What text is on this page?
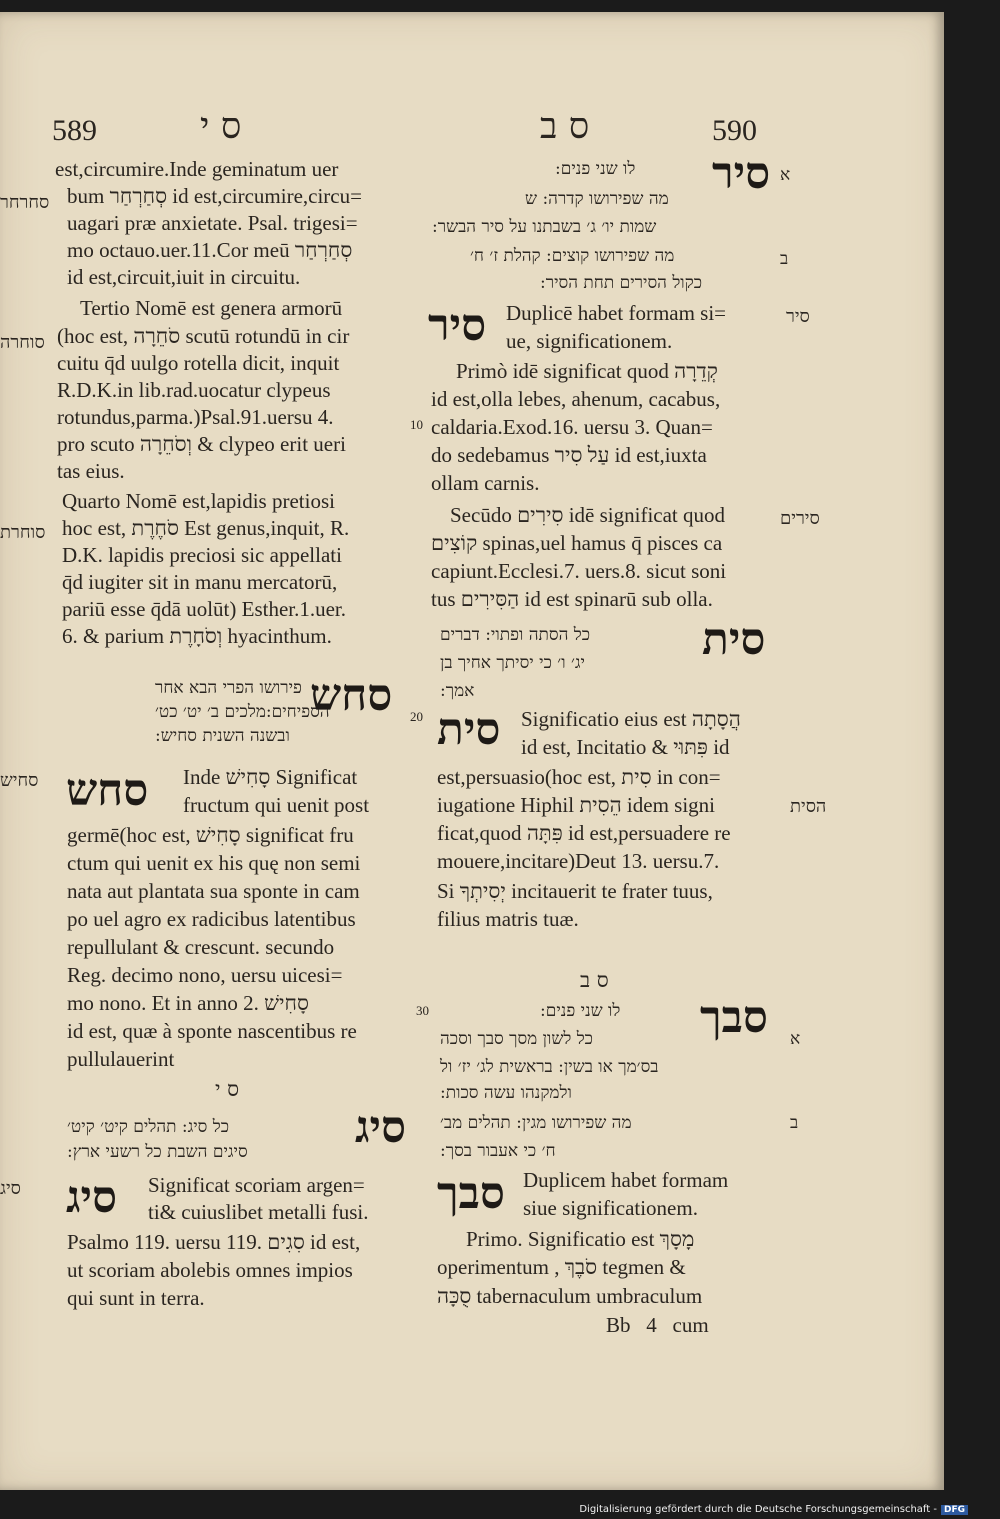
589	ס י	ס ב	590
est,circumire.Inde geminatum uer
bum סְחַרְחַר id est,circumire,circu=
uagari præ anxietate. Psal. trigesi=
mo octauo.uer.11.Cor meū סְחַרְחַר
id est,circuit,iuit in circuitu.
Tertio Nomē est genera armorū
(hoc est, סֹחֵרָה scutū rotundū in cir
cuitu q̄d uulgo rotella dicit, inquit
R.D.K.in lib.rad.uocatur clypeus
rotundus,parma.)Psal.91.uersu 4.
pro scuto וְסֹחֵרָה & clypeo erit ueri
tas eius.
Quarto Nomē est,lapidis pretiosi
hoc est, סֹחֶרֶת Est genus,inquit, R.
D.K. lapidis preciosi sic appellati
q̄d iugiter sit in manu mercatorū,
pariū esse q̄dā uolūt) Esther.1.uer.
6. & parium וְסֹחָרֶת hyacinthum.
פירושו הפרי הבא אחר
הספיחים:מלכים ב׳ יט׳ כט׳
ובשנה השנית סחיש:
סחש
סחש Inde סָחִישׁ Significat
fructum qui uenit post
germē(hoc est, סָחִישׁ significat fru
ctum qui uenit ex his quę non semi
nata aut plantata sua sponte in cam
po uel agro ex radicibus latentibus
repullulant & crescunt. secundo
Reg. decimo nono, uersu uicesi=
mo nono. Et in anno 2. סָחִישׁ
id est, quæ à sponte nascentibus re
pullulauerint
ס י
סיג
כל סיג: תהלים קיט׳ קיט׳
סיגים השבת כל רשעי ארץ:
סיג Significat scoriam argen=
ti& cuiuslibet metalli fusi.
Psalmo 119. uersu 119. סִגִים id est,
ut scoriam abolebis omnes impios
qui sunt in terra.
סיר
לו שני פנים:
מה שפירושו קדרה: ש
שמות יו׳ ג׳ בשבתנו על סיר הבשר:
מה שפירושו קוצים: קהלת ז׳ ח׳
כקול הסירים תחת הסיר:
סיר Duplicē habet formam si=
ue, significationem.
Primò idē significat quod קְדֵרָה
id est,olla lebes, ahenum, cacabus,
caldaria.Exod.16. uersu 3. Quan=
do sedebamus עַל סִיר id est,iuxta
ollam carnis.
Secūdo סִירִים idē significat quod
קוֹצִים spinas,uel hamus q̄ pisces ca
capiunt.Ecclesi.7. uers.8. sicut soni
tus הַסִּירִים id est spinarū sub olla.
סית
כל הסתה ופתוי: דברים
יג׳ ו׳ כי יסיתך אחיך בן
אמך:
סית Significatio eius est הֲסָתָה
id est, Incitatio & פִּתּוּי id
est,persuasio(hoc est, סִית in con=
iugatione Hiphil הֵסִית idem signi
ficat,quod פִּתָּה id est,persuadere re
mouere,incitare)Deut 13. uersu.7.
Si יְסִיתְךָ incitauerit te frater tuus,
filius matris tuæ.
ס ב
סבך
לו שני פנים:
כל לשון מסך סבך וסכה
בס׳מך או בשין: בראשית לג׳ יז׳ ול
ולמקנהו עשה סכות:
מה שפירושו מגין: תהלים מב׳
ח׳ כי אעבור בסך:
סבך Duplicem habet formam
siue significationem.
Primo. Significatio est מָסָךְ
operimentum , סֹבֶךְ tegmen &
סֻכָּה tabernaculum umbraculum
Bb   4   cum
סחרחר
סוחרה
סוחרת
סחיש
סיג
סיר
סירים
הסית
10
20
30
א
ב
א
ב
Digitalisierung gefördert durch die Deutsche Forschungsgemeinschaft - DFG
